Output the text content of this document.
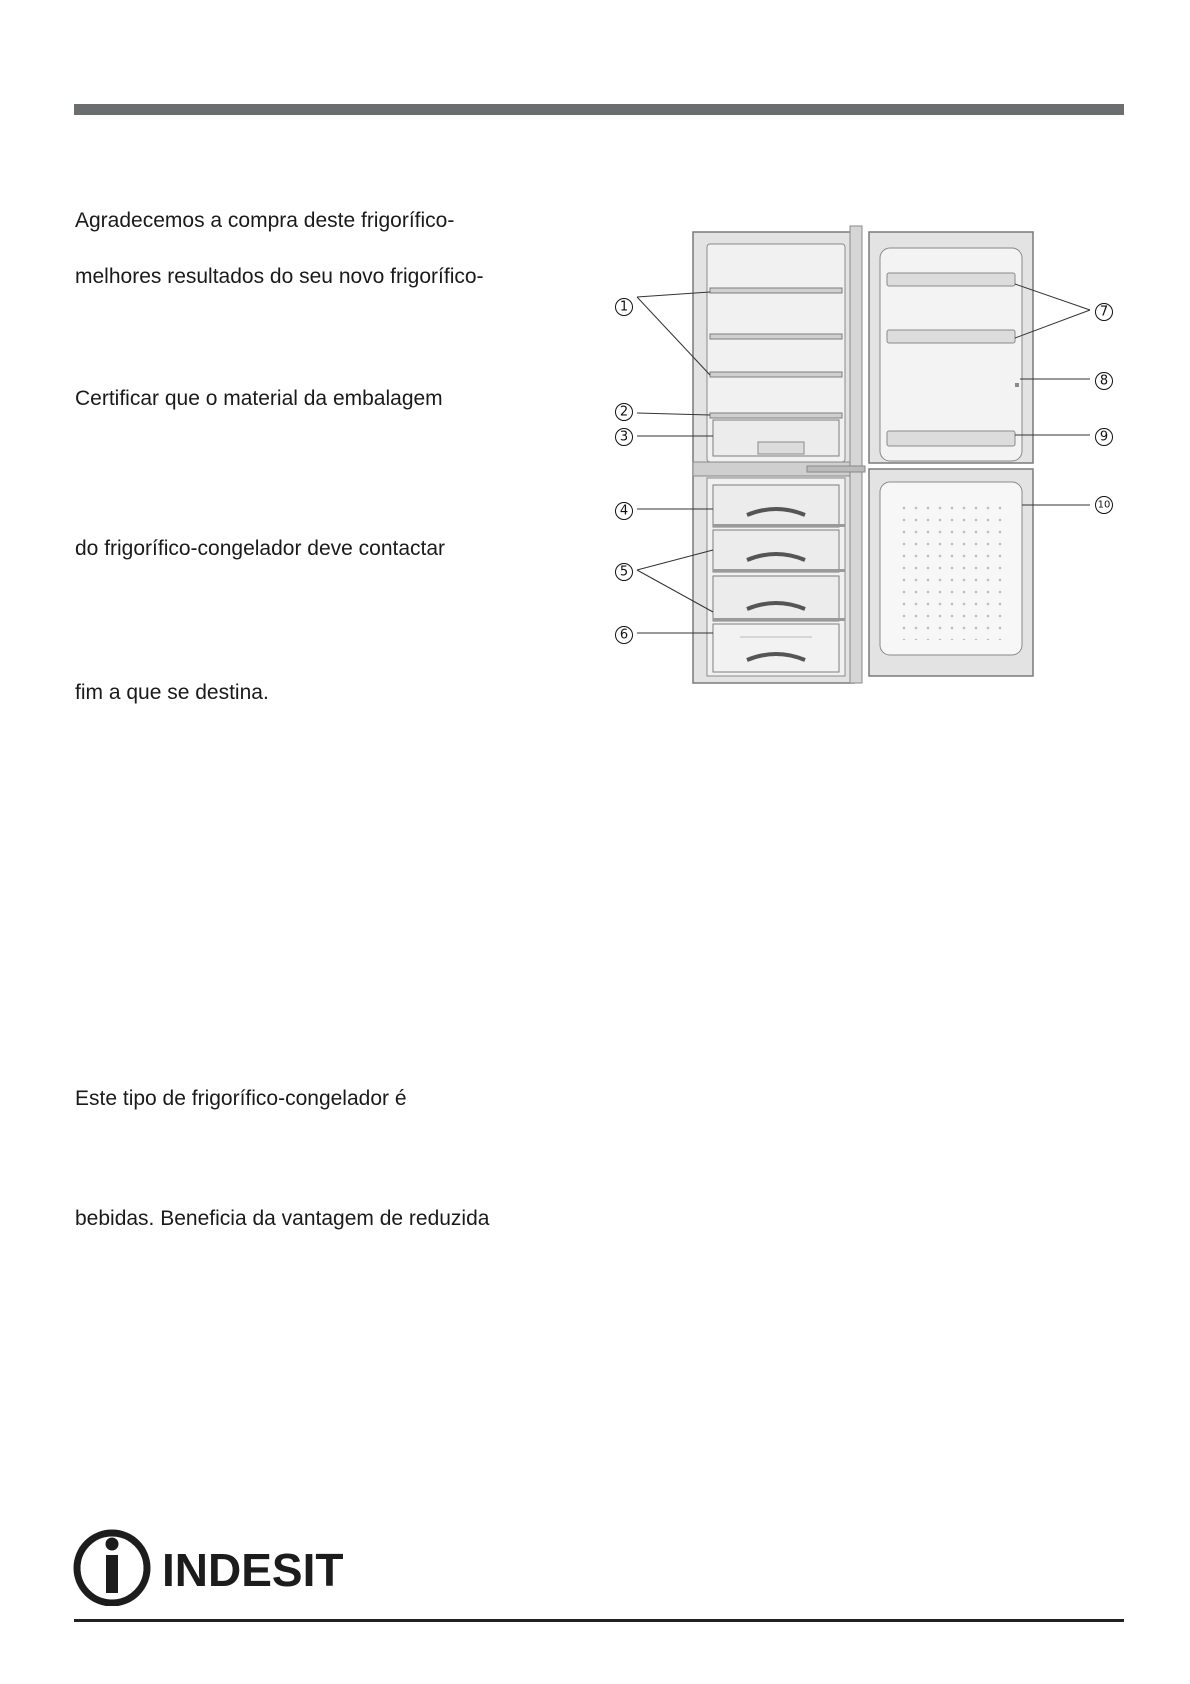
Agradecemos a compra deste frigorífico-

melhores resultados do seu novo frigorífico-

Certificar que o material da embalagem

do frigorífico-congelador deve contactar

fim a que se destina.

Este tipo de frigorífico-congelador é

bebidas. Beneficia da vantagem de reduzida

1
2
3
4
5
6
7
8
9
10
INDESIT
